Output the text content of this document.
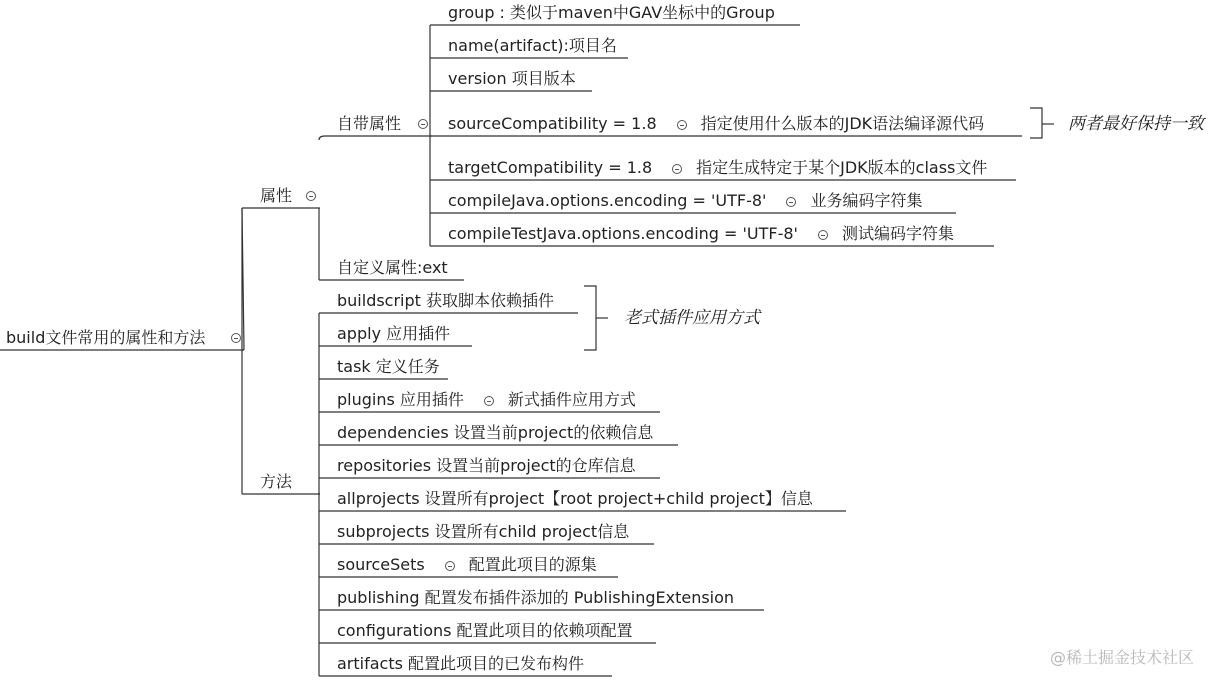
build文件常用的属性和方法
属性
方法
自带属性
自定义属性:ext
group : 类似于maven中GAV坐标中的Group
name(artifact):项目名
version 项目版本
sourceCompatibility = 1.8	指定使用什么版本的JDK语法编译源代码
targetCompatibility = 1.8	指定生成特定于某个JDK版本的class文件
compileJava.options.encoding = 'UTF-8'	业务编码字符集
compileTestJava.options.encoding = 'UTF-8'	测试编码字符集
两者最好保持一致
buildscript 获取脚本依赖插件
apply 应用插件
task 定义任务
plugins 应用插件	新式插件应用方式
dependencies 设置当前project的依赖信息
repositories 设置当前project的仓库信息
allprojects 设置所有project【root project+child project】信息
subprojects 设置所有child project信息
sourceSets	配置此项目的源集
publishing 配置发布插件添加的 PublishingExtension
configurations 配置此项目的依赖项配置
artifacts 配置此项目的已发布构件
老式插件应用方式
@稀土掘金技术社区
